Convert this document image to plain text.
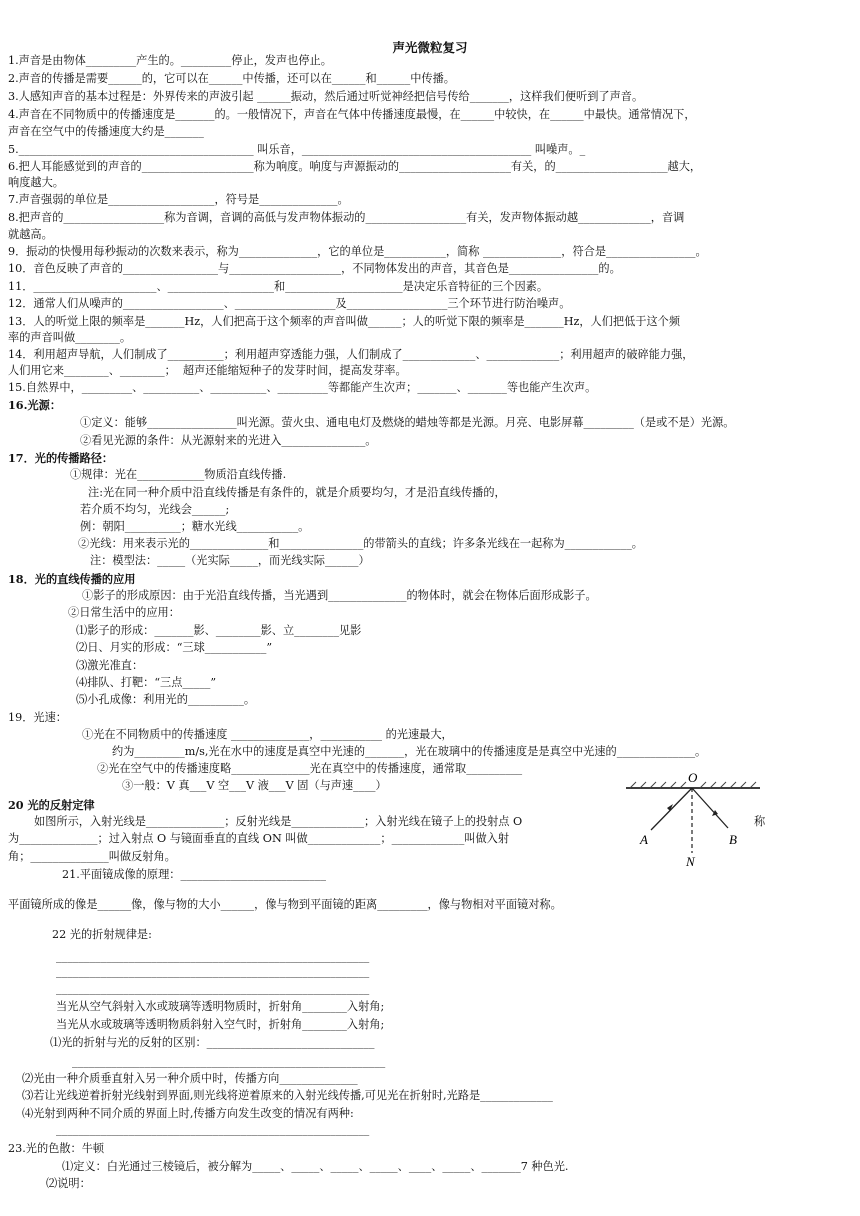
声光微粒复习
1.声音是由物体_________产生的。_________停止，发声也停止。
2.声音的传播是需要______的，它可以在______中传播，还可以在______和______中传播。
3.人感知声音的基本过程是：外界传来的声波引起 ______振动，然后通过听觉神经把信号传给_______，这样我们便听到了声音。
4.声音在不同物质中的传播速度是_______的。一般情况下，声音在气体中传播速度最慢，在______中较快，在______中最快。通常情况下，
声音在空气中的传播速度大约是_______
5.__________________________________________ 叫乐音，_________________________________________ 叫噪声。_
6.把人耳能感觉到的声音的____________________称为响度。响度与声源振动的____________________有关，的____________________越大，
响度越大。
7.声音强弱的单位是___________________，符号是______________。
8.把声音的__________________称为音调，音调的高低与发声物体振动的__________________有关，发声物体振动越_____________，音调
就越高。
9．振动的快慢用每秒振动的次数来表示，称为______________，它的单位是___________，简称 ______________，符合是________________。
10．音色反映了声音的_________________与____________________，不同物体发出的声音，其音色是________________的。
11．______________________、___________________和_____________________是决定乐音特征的三个因素。
12．通常人们从噪声的__________________、__________________及__________________三个环节进行防治噪声。
13．人的听觉上限的频率是_______Hz，人们把高于这个频率的声音叫做______；人的听觉下限的频率是_______Hz，人们把低于这个频
率的声音叫做________。
14．利用超声导航，人们制成了__________；利用超声穿透能力强，人们制成了_____________、_____________；利用超声的破碎能力强，
人们用它来________、________；  超声还能缩短种子的发芽时间，提高发芽率。
15.自然界中，_________、__________、__________、_________等都能产生次声；_______、_______等也能产生次声。
16.光源：
①定义：能够________________叫光源。萤火虫、通电电灯及燃烧的蜡烛等都是光源。月亮、电影屏幕_________（是或不是）光源。
②看见光源的条件：从光源射来的光进入_______________。
17．光的传播路径：
①规律：光在____________物质沿直线传播.
注:光在同一种介质中沿直线传播是有条件的，就是介质要均匀，才是沿直线传播的，
若介质不均匀，光线会______;
例：朝阳__________；糖水光线___________。
②光线：用来表示光的______________和_______________的带箭头的直线；许多条光线在一起称为____________。
注：模型法：_____（光实际_____，而光线实际______）
18．光的直线传播的应用
①影子的形成原因：由于光沿直线传播，当光遇到______________的物体时，就会在物体后面形成影子。
②日常生活中的应用：
⑴影子的形成：_______影、________影、立________见影
⑵日、月实的形成：“三球___________”
⑶激光准直：
⑷排队、打靶：“三点_____”
⑸小孔成像：利用光的__________。
19．光速：
①光在不同物质中的传播速度 ______________，___________ 的光速最大，
约为_________m/s,光在水中的速度是真空中光速的_______，光在玻璃中的传播速度是是真空中光速的______________。
②光在空气中的传播速度略______________光在真空中的传播速度，通常取__________
③一般：V 真___V 空___V 液___V 固（与声速____）
20 光的反射定律
如图所示，入射光线是______________；反射光线是_____________；入射光线在镜子上的投射点 O	称
为______________；过入射点 O 与镜面垂直的直线 ON 叫做_____________；_____________叫做入射
角；______________叫做反射角。
21.平面镜成像的原理：__________________________
平面镜所成的像是______像，像与物的大小______，像与物到平面镜的距离_________，像与物相对平面镜对称。
22 光的折射规律是:
________________________________________________________
________________________________________________________
________________________________________________________
当光从空气斜射入水或玻璃等透明物质时，折射角________入射角;
当光从水或玻璃等透明物质斜射入空气时，折射角________入射角;
⑴光的折射与光的反射的区别：______________________________
________________________________________________________
⑵光由一种介质垂直射入另一种介质中时，传播方向______________
⑶若让光线逆着折射光线射到界面,则光线将逆着原来的入射光线传播,可见光在折射时,光路是_____________
⑷光射到两种不同介质的界面上时,传播方向发生改变的情况有两种:
________________________________________________________
23.光的色散：牛顿
⑴定义：白光通过三棱镜后，被分解为_____、_____、_____、_____、____、_____、_______7 种色光.
⑵说明：
O
A	B
N
